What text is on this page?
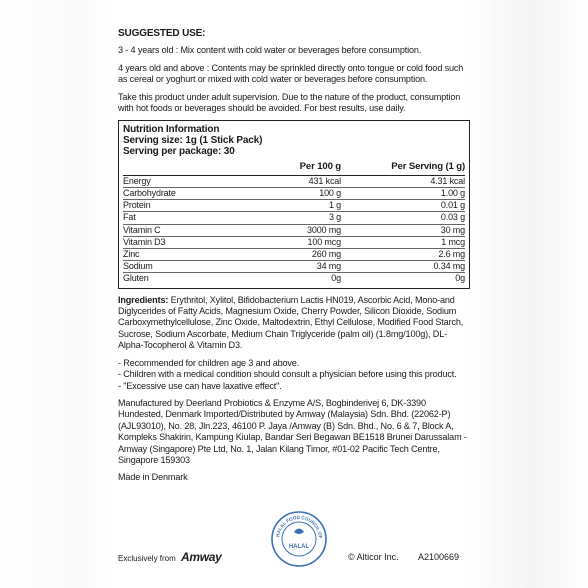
SUGGESTED USE:

3 - 4 years old : Mix content with cold water or beverages before consumption.

4 years old and above : Contents may be sprinkled directly onto tongue or cold food such as cereal or yoghurt or mixed with cold water or beverages before consumption.

Take this product under adult supervision. Due to the nature of the product, consumption with hot foods or beverages should be avoided. For best results, use daily.

Nutrition Information
Serving size: 1g (1 Stick Pack)
Serving per package: 30
Per 100 g	Per Serving (1 g)
Energy	431 kcal	4.31 kcal
Carbohydrate	100 g	1.00 g
Protein	1 g	0.01 g
Fat	3 g	0.03 g
Vitamin C	3000 mg	30 mg
Vitamin D3	100 mcg	1 mcg
Zinc	260 mg	2.6 mg
Sodium	34 mg	0.34 mg
Gluten	0g	0g
Ingredients: Erythritol, Xylitol, Bifidobacterium Lactis HN019, Ascorbic Acid, Mono-and Diglycerides of Fatty Acids, Magnesium Oxide, Cherry Powder, Silicon Dioxide, Sodium Carboxymethylcellulose, Zinc Oxide, Maltodextrin, Ethyl Cellulose, Modified Food Starch, Sucrose, Sodium Ascorbate, Medium Chain Triglyceride (palm oil) (1.8mg/100g), DL-Alpha-Tocopherol & Vitamin D3.
- Recommended for children age 3 and above.
- Children with a medical condition should consult a physician before using this product.
- "Excessive use can have laxative effect".

Manufactured by Deerland Probiotics & Enzyme A/S, Bogbinderivej 6, DK-3390 Hundested, Denmark Imported/Distributed by Amway (Malaysia) Sdn. Bhd. (22062-P) (AJL93010), No. 28, Jln.223, 46100 P. Jaya /Amway (B) Sdn. Bhd., No. 6 & 7, Block A, Kompleks Shakirin, Kampung Kiulap, Bandar Seri Begawan BE1518 Brunei Darussalam - Amway (Singapore) Pte Ltd, No. 1, Jalan Kilang Timor, #01-02 Pacific Tech Centre, Singapore 159303

Made in Denmark

Exclusively from Amway
HALAL FOOD COUNCIL OF
HALAL
© Alticor Inc. A2100669
